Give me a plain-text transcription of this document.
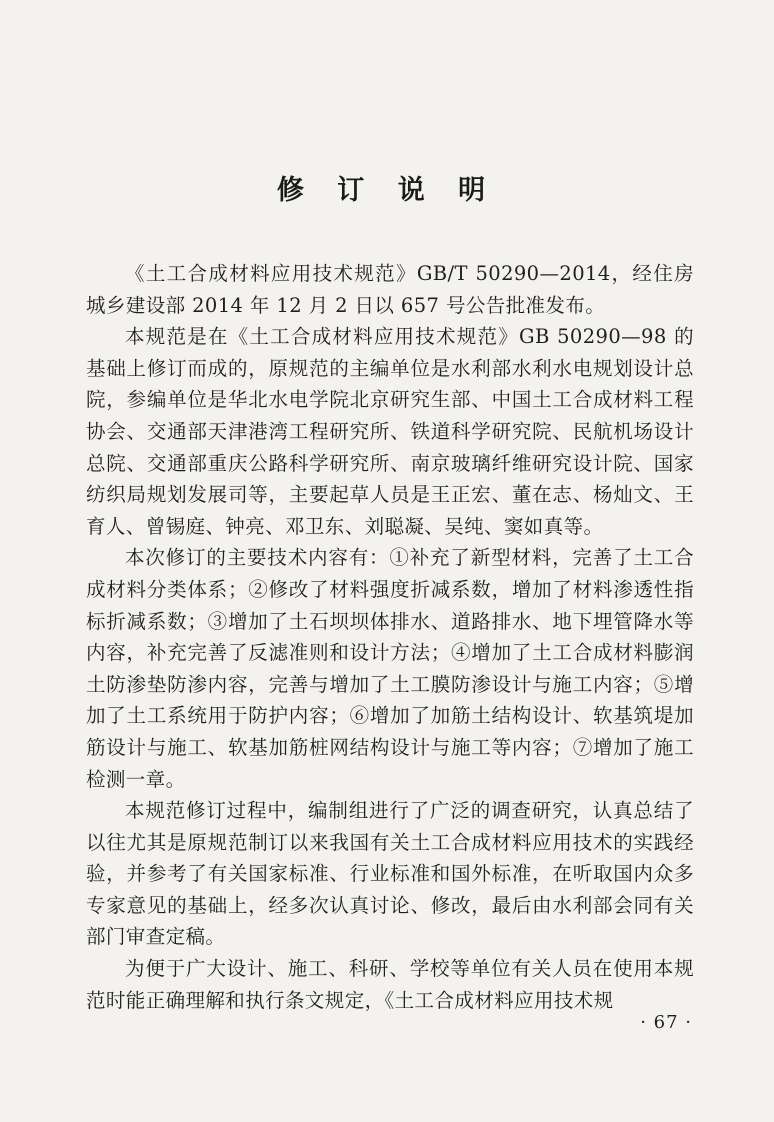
修 订 说 明

《土工合成材料应用技术规范》GB/T 50290—2014，经住房城乡建设部 2014 年 12 月 2 日以 657 号公告批准发布。

本规范是在《土工合成材料应用技术规范》GB 50290—98 的基础上修订而成的，原规范的主编单位是水利部水利水电规划设计总院，参编单位是华北水电学院北京研究生部、中国土工合成材料工程协会、交通部天津港湾工程研究所、铁道科学研究院、民航机场设计总院、交通部重庆公路科学研究所、南京玻璃纤维研究设计院、国家纺织局规划发展司等，主要起草人员是王正宏、董在志、杨灿文、王育人、曾锡庭、钟亮、邓卫东、刘聪凝、吴纯、窦如真等。

本次修订的主要技术内容有：①补充了新型材料，完善了土工合成材料分类体系；②修改了材料强度折减系数，增加了材料渗透性指标折减系数；③增加了土石坝坝体排水、道路排水、地下埋管降水等内容，补充完善了反滤准则和设计方法；④增加了土工合成材料膨润土防渗垫防渗内容，完善与增加了土工膜防渗设计与施工内容；⑤增加了土工系统用于防护内容；⑥增加了加筋土结构设计、软基筑堤加筋设计与施工、软基加筋桩网结构设计与施工等内容；⑦增加了施工检测一章。

本规范修订过程中，编制组进行了广泛的调查研究，认真总结了以往尤其是原规范制订以来我国有关土工合成材料应用技术的实践经验，并参考了有关国家标准、行业标准和国外标准，在听取国内众多专家意见的基础上，经多次认真讨论、修改，最后由水利部会同有关部门审查定稿。

为便于广大设计、施工、科研、学校等单位有关人员在使用本规范时能正确理解和执行条文规定，《土工合成材料应用技术规

· 67 ·
